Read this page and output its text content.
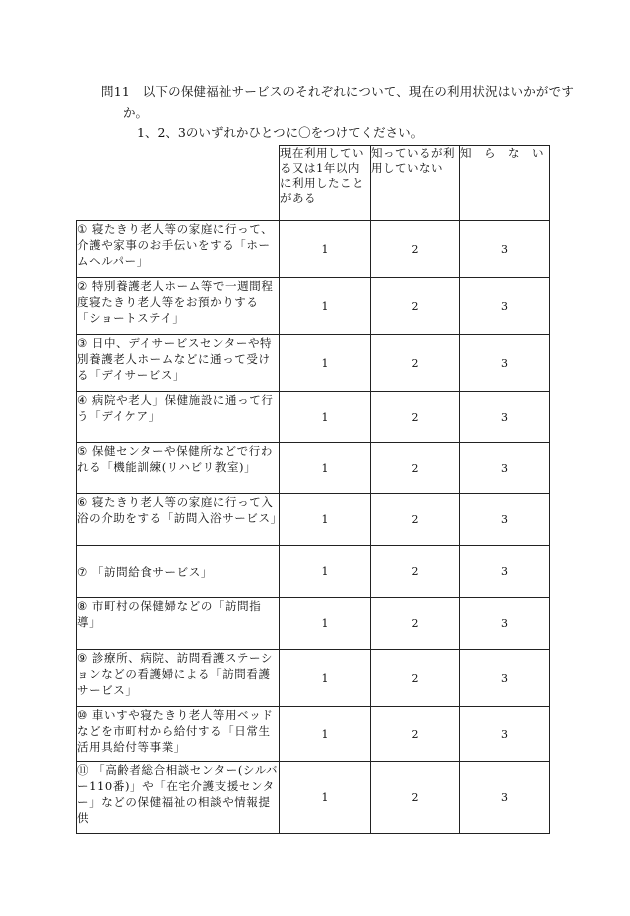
問11　 以下の保健福祉サービスのそれぞれについて、現在の利用状況はいかがです
か。
1、2、3のいずれかひとつに〇をつけてください。
	現在利用している又は1年以内に利用したことがある	知っているが利用していない	知　ら　な　い
① 寝たきり老人等の家庭に行って、介護や家事のお手伝いをする「ホームヘルパー」	1	2	3
② 特別養護老人ホーム等で一週間程度寝たきり老人等をお預かりする「ショートステイ」	1	2	3
③ 日中、デイサービスセンターや特別養護老人ホームなどに通って受ける「デイサービス」	1	2	3
④ 病院や老人」保健施設に通って行う「デイケア」	1	2	3
⑤ 保健センターや保健所などで行われる「機能訓練(リハビリ教室)」	1	2	3
⑥ 寝たきり老人等の家庭に行って入浴の介助をする「訪問入浴サービス」	1	2	3
⑦ 「訪問給食サービス」	1	2	3
⑧ 市町村の保健婦などの「訪問指導」	1	2	3
⑨ 診療所、病院、訪問看護ステーションなどの看護婦による「訪問看護サービス」	1	2	3
⑩ 車いすや寝たきり老人等用ベッドなどを市町村から給付する「日常生活用具給付等事業」	1	2	3
⑪ 「高齢者総合相談センター(シルバー110番)」や「在宅介護支援センター」などの保健福祉の相談や情報提供	1	2	3
